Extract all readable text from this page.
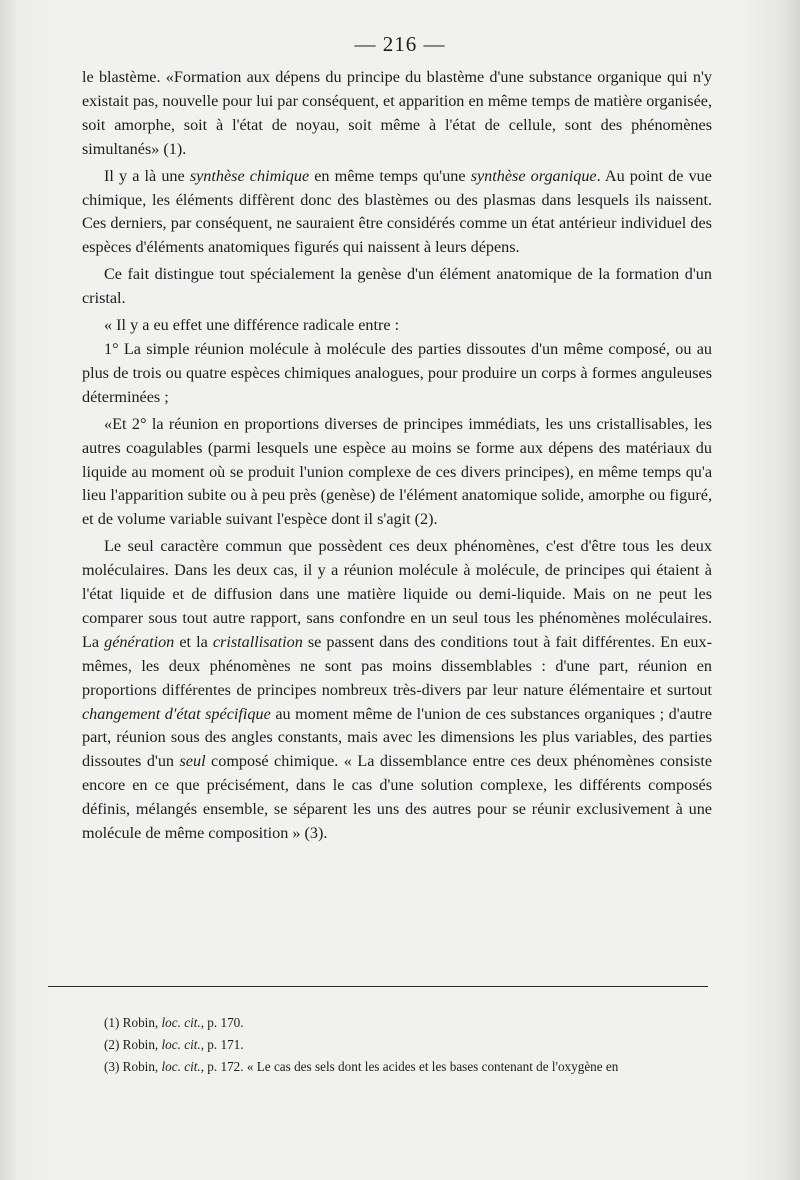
— 216 —

le blastème. «Formation aux dépens du principe du blastème d'une substance organique qui n'y existait pas, nouvelle pour lui par conséquent, et apparition en même temps de matière organisée, soit amorphe, soit à l'état de noyau, soit même à l'état de cellule, sont des phénomènes simultanés» (1).

Il y a là une synthèse chimique en même temps qu'une synthèse organique. Au point de vue chimique, les éléments diffèrent donc des blastèmes ou des plasmas dans lesquels ils naissent. Ces derniers, par conséquent, ne sauraient être considérés comme un état antérieur individuel des espèces d'éléments anatomiques figurés qui naissent à leurs dépens.

Ce fait distingue tout spécialement la genèse d'un élément anatomique de la formation d'un cristal.

« Il y a eu effet une différence radicale entre :

1° La simple réunion molécule à molécule des parties dissoutes d'un même composé, ou au plus de trois ou quatre espèces chimiques analogues, pour produire un corps à formes anguleuses déterminées ;

«Et 2° la réunion en proportions diverses de principes immédiats, les uns cristallisables, les autres coagulables (parmi lesquels une espèce au moins se forme aux dépens des matériaux du liquide au moment où se produit l'union complexe de ces divers principes), en même temps qu'a lieu l'apparition subite ou à peu près (genèse) de l'élément anatomique solide, amorphe ou figuré, et de volume variable suivant l'espèce dont il s'agit (2).

Le seul caractère commun que possèdent ces deux phénomènes, c'est d'être tous les deux moléculaires. Dans les deux cas, il y a réunion molécule à molécule, de principes qui étaient à l'état liquide et de diffusion dans une matière liquide ou demi-liquide. Mais on ne peut les comparer sous tout autre rapport, sans confondre en un seul tous les phénomènes moléculaires. La génération et la cristallisation se passent dans des conditions tout à fait différentes. En eux-mêmes, les deux phénomènes ne sont pas moins dissemblables : d'une part, réunion en proportions différentes de principes nombreux très-divers par leur nature élémentaire et surtout changement d'état spécifique au moment même de l'union de ces substances organiques ; d'autre part, réunion sous des angles constants, mais avec les dimensions les plus variables, des parties dissoutes d'un seul composé chimique. « La dissemblance entre ces deux phénomènes consiste encore en ce que précisément, dans le cas d'une solution complexe, les différents composés définis, mélangés ensemble, se séparent les uns des autres pour se réunir exclusivement à une molécule de même composition » (3).

(1) Robin, loc. cit., p. 170.

(2) Robin, loc. cit., p. 171.

(3) Robin, loc. cit., p. 172. « Le cas des sels dont les acides et les bases contenant de l'oxygène en
